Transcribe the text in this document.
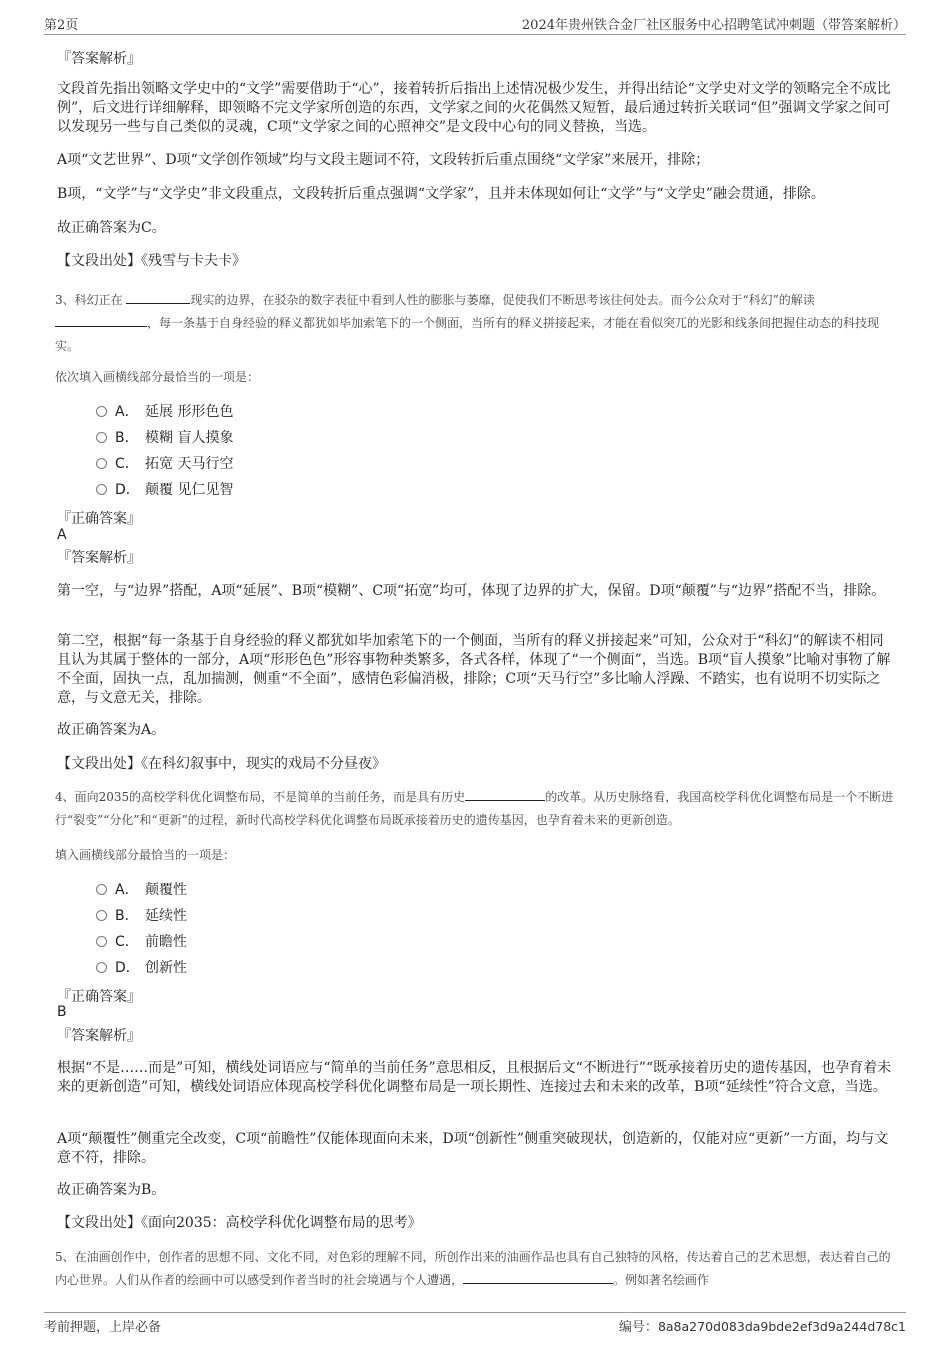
第2页	2024年贵州铁合金厂社区服务中心招聘笔试冲刺题（带答案解析）
『答案解析』

文段首先指出领略文学史中的“文学”需要借助于“心”，接着转折后指出上述情况极少发生，并得出结论“文学史对文学的领略完全不成比例”，后文进行详细解释，即领略不完文学家所创造的东西，文学家之间的火花偶然又短暂，最后通过转折关联词“但”强调文学家之间可以发现另一些与自己类似的灵魂，C项“文学家之间的心照神交”是文段中心句的同义替换，当选。

A项“文艺世界”、D项“文学创作领域”均与文段主题词不符，文段转折后重点围绕“文学家”来展开，排除；

B项，“文学”与“文学史”非文段重点，文段转折后重点强调“文学家”，且并未体现如何让“文学”与“文学史”融会贯通，排除。

故正确答案为C。

【文段出处】《残雪与卡夫卡》

3、科幻正在	现实的边界，在驳杂的数字表征中看到人性的膨胀与萎靡，促使我们不断思考该往何处去。而今公众对于“科幻”的解读，每一条基于自身经验的释义都犹如毕加索笔下的一个侧面，当所有的释义拼接起来，才能在看似突兀的光影和线条间把握住动态的科技现实。
依次填入画横线部分最恰当的一项是：
A． 延展 形形色色
B． 模糊 盲人摸象
C． 拓宽 天马行空
D． 颠覆 见仁见智
『正确答案』
A
『答案解析』

第一空，与“边界”搭配，A项“延展”、B项“模糊”、C项“拓宽”均可，体现了边界的扩大，保留。D项“颠覆”与“边界”搭配不当，排除。

第二空，根据“每一条基于自身经验的释义都犹如毕加索笔下的一个侧面，当所有的释义拼接起来”可知，公众对于“科幻”的解读不相同且认为其属于整体的一部分，A项“形形色色”形容事物种类繁多，各式各样，体现了“一个侧面”，当选。B项“盲人摸象”比喻对事物了解不全面，固执一点，乱加揣测，侧重“不全面”，感情色彩偏消极，排除；C项“天马行空”多比喻人浮躁、不踏实，也有说明不切实际之意，与文意无关，排除。

故正确答案为A。

【文段出处】《在科幻叙事中，现实的戏局不分昼夜》

4、面向2035的高校学科优化调整布局，不是简单的当前任务，而是具有历史	的改革。从历史脉络看，我国高校学科优化调整布局是一个不断进行“裂变”“分化”和“更新”的过程，新时代高校学科优化调整布局既承接着历史的遗传基因，也孕育着未来的更新创造。
填入画横线部分最恰当的一项是：
A． 颠覆性
B． 延续性
C． 前瞻性
D． 创新性
『正确答案』
B
『答案解析』

根据“不是……而是”可知，横线处词语应与“简单的当前任务”意思相反，且根据后文“不断进行”“既承接着历史的遗传基因，也孕育着未来的更新创造”可知，横线处词语应体现高校学科优化调整布局是一项长期性、连接过去和未来的改革，B项“延续性”符合文意，当选。

A项“颠覆性”侧重完全改变，C项“前瞻性”仅能体现面向未来，D项“创新性”侧重突破现状，创造新的，仅能对应“更新”一方面，均与文意不符，排除。

故正确答案为B。

【文段出处】《面向2035：高校学科优化调整布局的思考》

5、在油画创作中，创作者的思想不同、文化不同，对色彩的理解不同，所创作出来的油画作品也具有自己独特的风格，传达着自己的艺术思想，表达着自己的内心世界。人们从作者的绘画中可以感受到作者当时的社会境遇与个人遭遇，	。例如著名绘画作
考前押题，上岸必备	编号：8a8a270d083da9bde2ef3d9a244d78c1
